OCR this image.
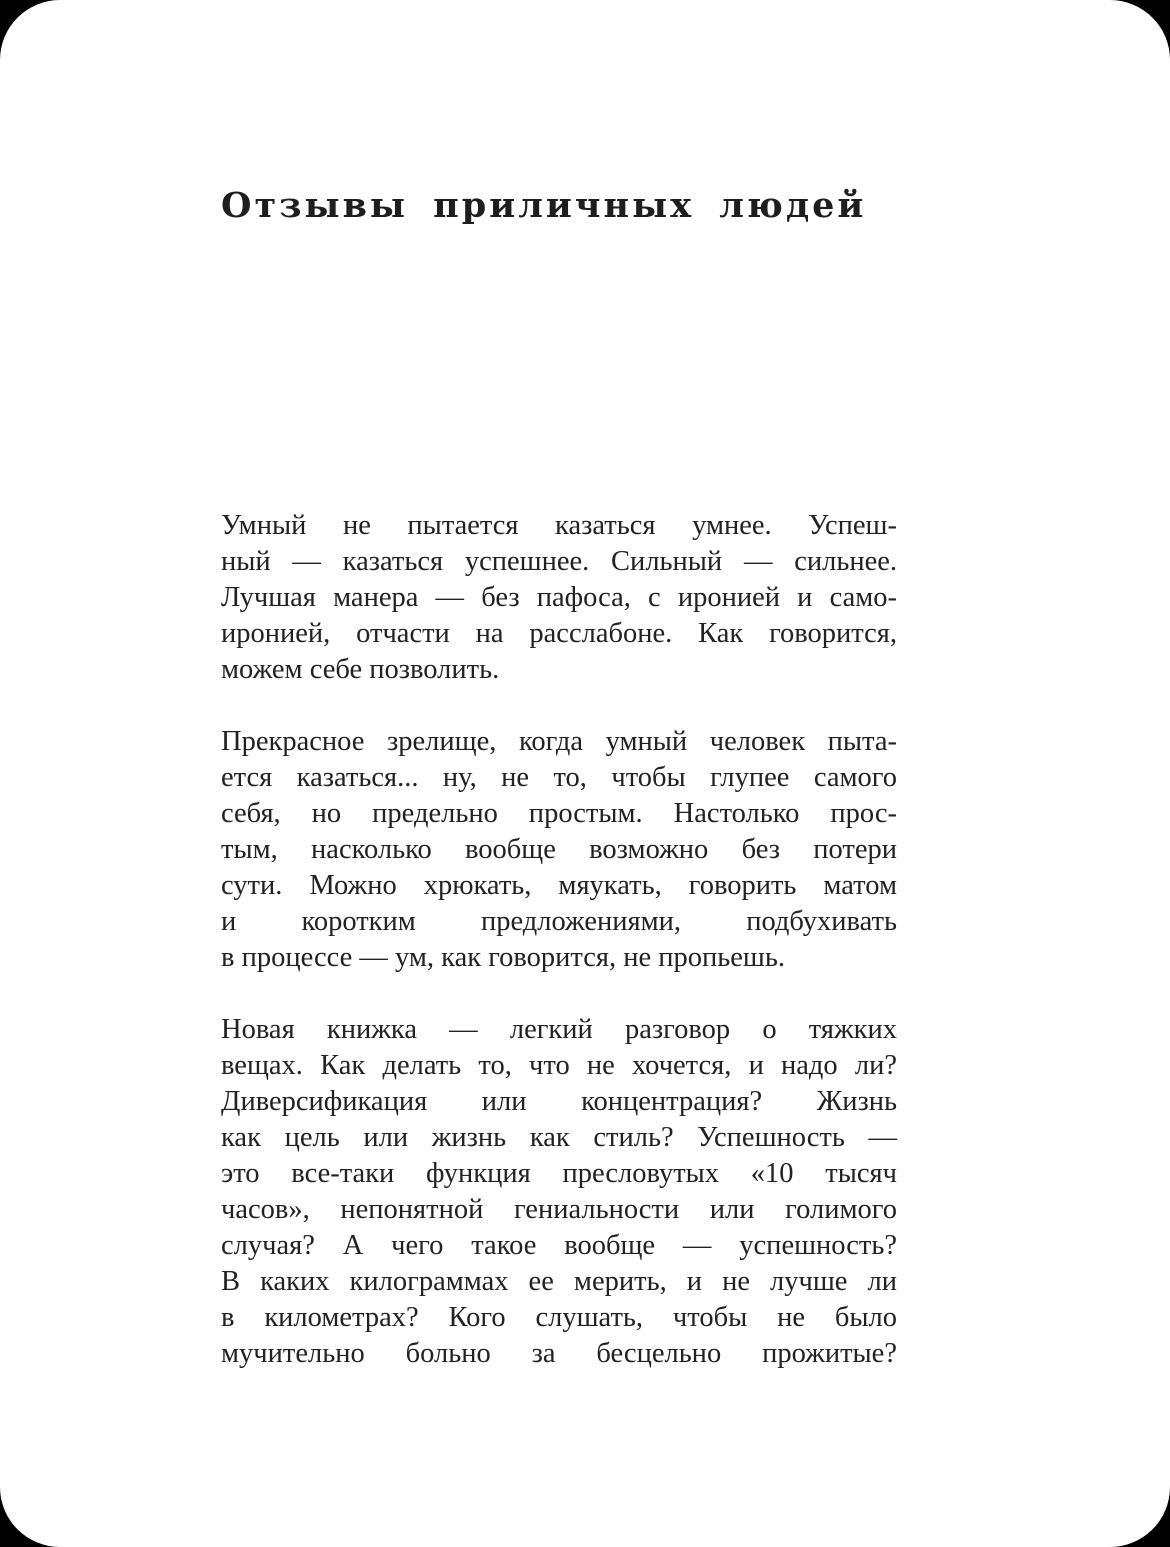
Отзывы приличных людей

Умный не пытается казаться умнее. Успеш-
ный — казаться успешнее. Сильный — сильнее.
Лучшая манера — без пафоса, с иронией и само-
иронией, отчасти на расслабоне. Как говорится,
можем себе позволить.

Прекрасное зрелище, когда умный человек пыта-
ется казаться... ну, не то, чтобы глупее самого
себя, но предельно простым. Настолько прос-
тым, насколько вообще возможно без потери
сути. Можно хрюкать, мяукать, говорить матом
и коротким предложениями, подбухивать
в процессе — ум, как говорится, не пропьешь.

Новая книжка — легкий разговор о тяжких
вещах. Как делать то, что не хочется, и надо ли?
Диверсификация или концентрация? Жизнь
как цель или жизнь как стиль? Успешность —
это все-таки функция пресловутых «10 тысяч
часов», непонятной гениальности или голимого
случая? А чего такое вообще — успешность?
В каких килограммах ее мерить, и не лучше ли
в километрах? Кого слушать, чтобы не было
мучительно больно за бесцельно прожитые?
